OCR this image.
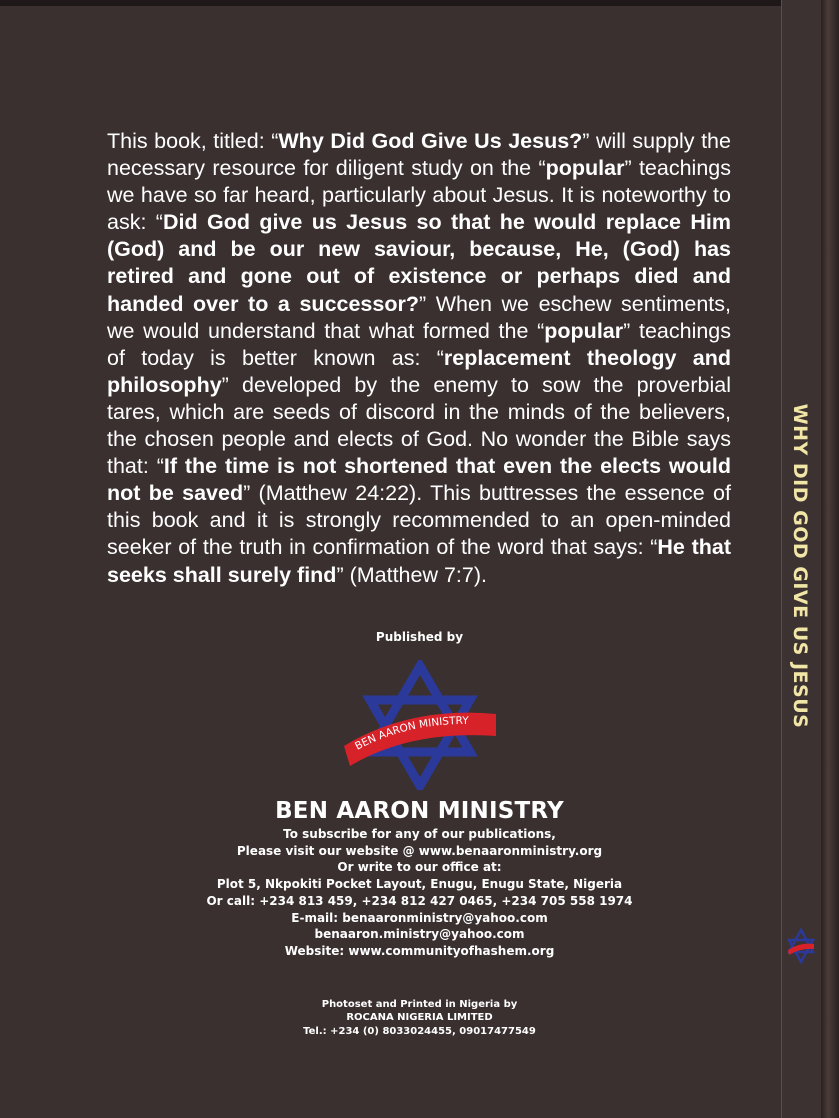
This book, titled: “Why Did God Give Us Jesus?” will supply the necessary resource for diligent study on the “popular” teachings we have so far heard, particularly about Jesus. It is noteworthy to ask: “Did God give us Jesus so that he would replace Him (God) and be our new saviour, because, He, (God) has retired and gone out of existence or perhaps died and handed over to a successor?” When we eschew sentiments, we would understand that what formed the “popular” teachings of today is better known as: “replacement theology and philosophy” developed by the enemy to sow the proverbial tares, which are seeds of discord in the minds of the believers, the chosen people and elects of God. No wonder the Bible says that: “If the time is not shortened that even the elects would not be saved” (Matthew 24:22). This buttresses the essence of this book and it is strongly recommended to an open-minded seeker of the truth in confirmation of the word that says: “He that seeks shall surely find” (Matthew 7:7).

Published by
BEN AARON MINISTRY
BEN AARON MINISTRY
To subscribe for any of our publications,
Please visit our website @ www.benaaronministry.org
Or write to our office at:
Plot 5, Nkpokiti Pocket Layout, Enugu, Enugu State, Nigeria
Or call: +234 813 459, +234 812 427 0465, +234 705 558 1974
E-mail: benaaronministry@yahoo.com
benaaron.ministry@yahoo.com
Website: www.communityofhashem.org
Photoset and Printed in Nigeria by
ROCANA NIGERIA LIMITED
Tel.: +234 (0) 8033024455, 09017477549
WHY DID GOD GIVE US JESUS
